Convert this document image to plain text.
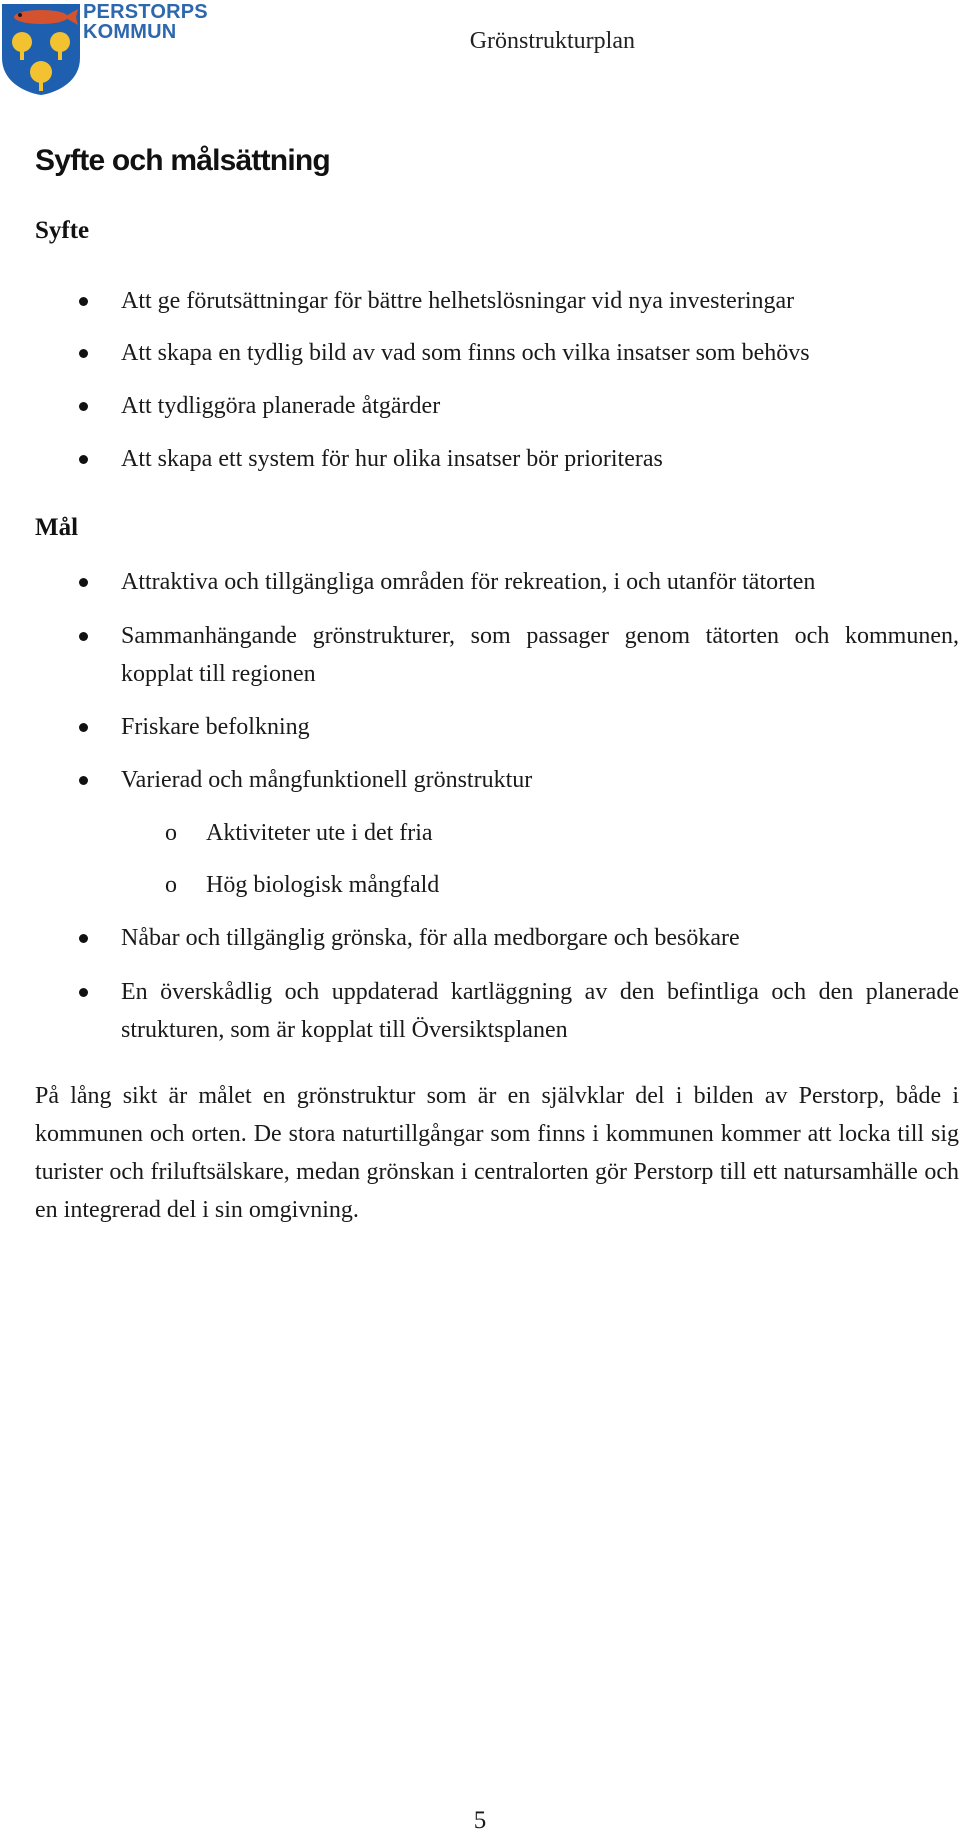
PERSTORPS
KOMMUN	Grönstrukturplan
Syfte och målsättning
Syfte
Att ge förutsättningar för bättre helhetslösningar vid nya investeringar
Att skapa en tydlig bild av vad som finns och vilka insatser som behövs
Att tydliggöra planerade åtgärder
Att skapa ett system för hur olika insatser bör prioriteras
Mål
Attraktiva och tillgängliga områden för rekreation, i och utanför tätorten
Sammanhängande grönstrukturer, som passager genom tätorten och kommunen, kopplat till regionen
Friskare befolkning
Varierad och mångfunktionell grönstruktur
o Aktiviteter ute i det fria
o Hög biologisk mångfald
Nåbar och tillgänglig grönska, för alla medborgare och besökare
En överskådlig och uppdaterad kartläggning av den befintliga och den planerade strukturen, som är kopplat till Översiktsplanen

På lång sikt är målet en grönstruktur som är en självklar del i bilden av Perstorp, både i kommunen och orten. De stora naturtillgångar som finns i kommunen kommer att locka till sig turister och friluftsälskare, medan grönskan i centralorten gör Perstorp till ett natursamhälle och en integrerad del i sin omgivning.

5
